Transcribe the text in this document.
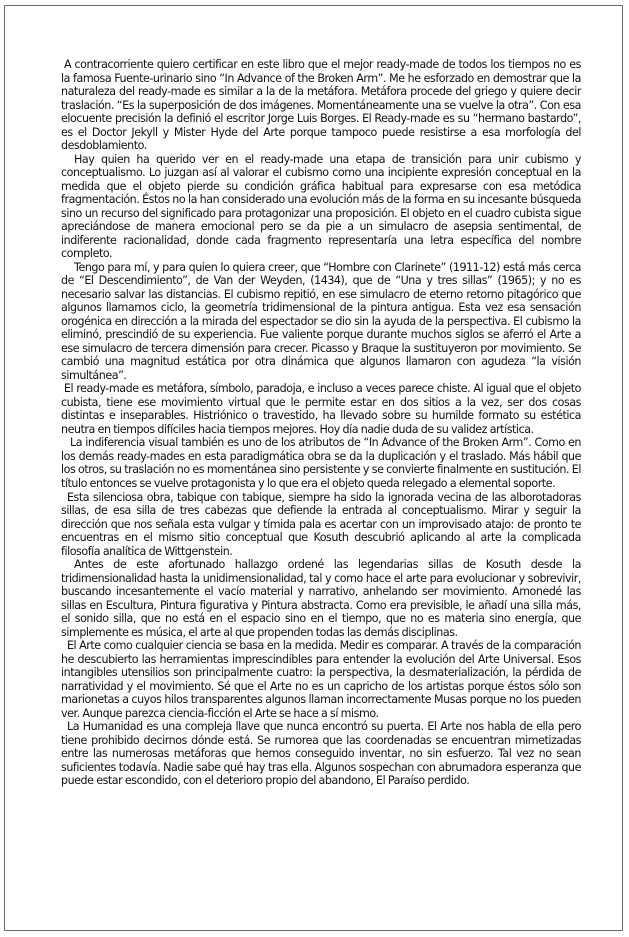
A contracorriente quiero certificar en este libro que el mejor ready-made de todos los tiempos no es la famosa Fuente-urinario sino “In Advance of the Broken Arm”. Me he esforzado en demostrar que la naturaleza del ready-made es similar a la de la metáfora. Metáfora procede del griego y quiere decir traslación. “Es la superposición de dos imágenes. Momentáneamente una se vuelve la otra”. Con esa elocuente precisión la definió el escritor Jorge Luis Borges. El Ready-made es su “hermano bastardo”, es el Doctor Jekyll y Mister Hyde del Arte porque tampoco puede resistirse a esa morfología del desdoblamiento.

Hay quien ha querido ver en el ready-made una etapa de transición para unir cubismo y conceptualismo. Lo juzgan así al valorar el cubismo como una incipiente expresión conceptual en la medida que el objeto pierde su condición gráfica habitual para expresarse con esa metódica fragmentación. Éstos no la han considerado una evolución más de la forma en su incesante búsqueda sino un recurso del significado para protagonizar una proposición. El objeto en el cuadro cubista sigue apreciándose de manera emocional pero se da pie a un simulacro de asepsia sentimental, de indiferente racionalidad, donde cada fragmento representaría una letra específica del nombre completo.

Tengo para mí, y para quien lo quiera creer, que “Hombre con Clarinete” (1911-12) está más cerca de “El Descendimiento”, de Van der Weyden, (1434), que de “Una y tres sillas” (1965); y no es necesario salvar las distancias. El cubismo repitió, en ese simulacro de eterno retorno pitagórico que algunos llamamos ciclo, la geometría tridimensional de la pintura antigua. Esta vez esa sensación orogénica en dirección a la mirada del espectador se dio sin la ayuda de la perspectiva. El cubismo la eliminó, prescindió de su experiencia. Fue valiente porque durante muchos siglos se aferró el Arte a ese simulacro de tercera dimensión para crecer. Picasso y Braque la sustituyeron por movimiento. Se cambió una magnitud estática por otra dinámica que algunos llamaron con agudeza “la visión simultánea”.

El ready-made es metáfora, símbolo, paradoja, e incluso a veces parece chiste. Al igual que el objeto cubista, tiene ese movimiento virtual que le permite estar en dos sitios a la vez, ser dos cosas distintas e inseparables. Histriónico o travestido, ha llevado sobre su humilde formato su estética neutra en tiempos difíciles hacia tiempos mejores. Hoy día nadie duda de su validez artística.

La indiferencia visual también es uno de los atributos de “In Advance of the Broken Arm”. Como en los demás ready-mades en esta paradigmática obra se da la duplicación y el traslado. Más hábil que los otros, su traslación no es momentánea sino persistente y se convierte finalmente en sustitución. El título entonces se vuelve protagonista y lo que era el objeto queda relegado a elemental soporte.

Esta silenciosa obra, tabique con tabique, siempre ha sido la ignorada vecina de las alborotadoras sillas, de esa silla de tres cabezas que defiende la entrada al conceptualismo. Mirar y seguir la dirección que nos señala esta vulgar y tímida pala es acertar con un improvisado atajo: de pronto te encuentras en el mismo sitio conceptual que Kosuth descubrió aplicando al arte la complicada filosofía analítica de Wittgenstein.

Antes de este afortunado hallazgo ordené las legendarias sillas de Kosuth desde la tridimensionalidad hasta la unidimensionalidad, tal y como hace el arte para evolucionar y sobrevivir, buscando incesantemente el vacío material y narrativo, anhelando ser movimiento. Amonedé las sillas en Escultura, Pintura figurativa y Pintura abstracta. Como era previsible, le añadí una silla más, el sonido silla, que no está en el espacio sino en el tiempo, que no es materia sino energía, que simplemente es música, el arte al que propenden todas las demás disciplinas.

El Arte como cualquier ciencia se basa en la medida. Medir es comparar. A través de la comparación he descubierto las herramientas imprescindibles para entender la evolución del Arte Universal. Esos intangibles utensilios son principalmente cuatro: la perspectiva, la desmaterialización, la pérdida de narratividad y el movimiento. Sé que el Arte no es un capricho de los artistas porque éstos sólo son marionetas a cuyos hilos transparentes algunos llaman incorrectamente Musas porque no los pueden ver. Aunque parezca ciencia-ficción el Arte se hace a sí mismo.

La Humanidad es una compleja llave que nunca encontró su puerta. El Arte nos habla de ella pero tiene prohibido decirnos dónde está. Se rumorea que las coordenadas se encuentran mimetizadas entre las numerosas metáforas que hemos conseguido inventar, no sin esfuerzo. Tal vez no sean suficientes todavía. Nadie sabe qué hay tras ella. Algunos sospechan con abrumadora esperanza que puede estar escondido, con el deterioro propio del abandono, El Paraíso perdido.
